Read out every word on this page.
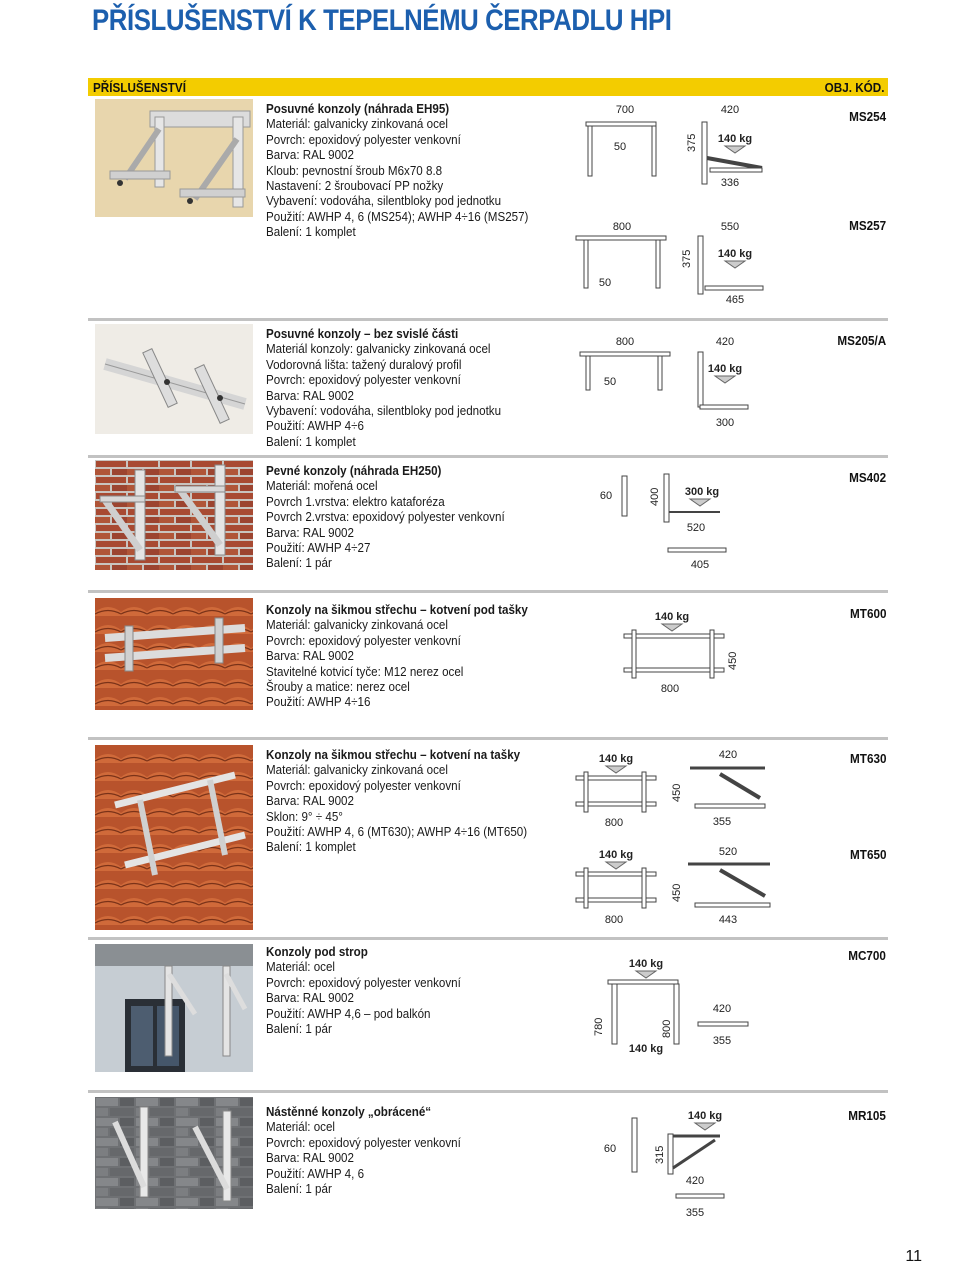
PŘÍSLUŠENSTVÍ K TEPELNÉMU ČERPADLU HPI
PŘÍSLUŠENSTVÍ	OBJ. KÓD.
Posuvné konzoly (náhrada EH95)
Materiál: galvanicky zinkovaná ocel
Povrch: epoxidový polyester venkovní
Barva: RAL 9002
Kloub: pevnostní šroub M6x70 8.8
Nastavení: 2 šroubovací PP nožky
Vybavení: vodováha, silentbloky pod jednotku
Použití: AWHP 4, 6 (MS254); AWHP 4÷16 (MS257)
Balení: 1 komplet
700
50
420
375 140 kg
336
800
50
550
375 140 kg
465
MS254
MS257
Posuvné konzoly – bez svislé části
Materiál konzoly: galvanicky zinkovaná ocel
Vodorovná lišta: tažený duralový profil
Povrch: epoxidový polyester venkovní
Barva: RAL 9002
Vybavení: vodováha, silentbloky pod jednotku
Použití: AWHP 4÷6
Balení: 1 komplet
800
50
420
140 kg
300
MS205/A
Pevné konzoly (náhrada EH250)
Materiál: mořená ocel
Povrch 1.vrstva: elektro kataforéza
Povrch 2.vrstva: epoxidový polyester venkovní
Barva: RAL 9002
Použití: AWHP 4÷27
Balení: 1 pár
60	400 300 kg
520
405
MS402
Konzoly na šikmou střechu – kotvení pod tašky
Materiál: galvanicky zinkovaná ocel
Povrch: epoxidový polyester venkovní
Barva: RAL 9002
Stavitelné kotvicí tyče: M12 nerez ocel
Šrouby a matice: nerez ocel
Použití: AWHP 4÷16
140 kg
450
800
MT600
Konzoly na šikmou střechu – kotvení na tašky
Materiál: galvanicky zinkovaná ocel
Povrch: epoxidový polyester venkovní
Barva: RAL 9002
Sklon: 9° ÷ 45°
Použití: AWHP 4, 6 (MT630); AWHP 4÷16 (MT650)
Balení: 1 komplet
140 kg
450
800
420
355
140 kg
450
800
520
443
MT630
MT650
Konzoly pod strop
Materiál: ocel
Povrch: epoxidový polyester venkovní
Barva: RAL 9002
Použití: AWHP 4,6 – pod balkón
Balení: 1 pár
140 kg
780	800
140 kg
420
355
MC700
Nástěnné konzoly „obrácené“
Materiál: ocel
Povrch: epoxidový polyester venkovní
Barva: RAL 9002
Použití: AWHP 4, 6
Balení: 1 pár
140 kg
60	315
420
355
MR105
11
